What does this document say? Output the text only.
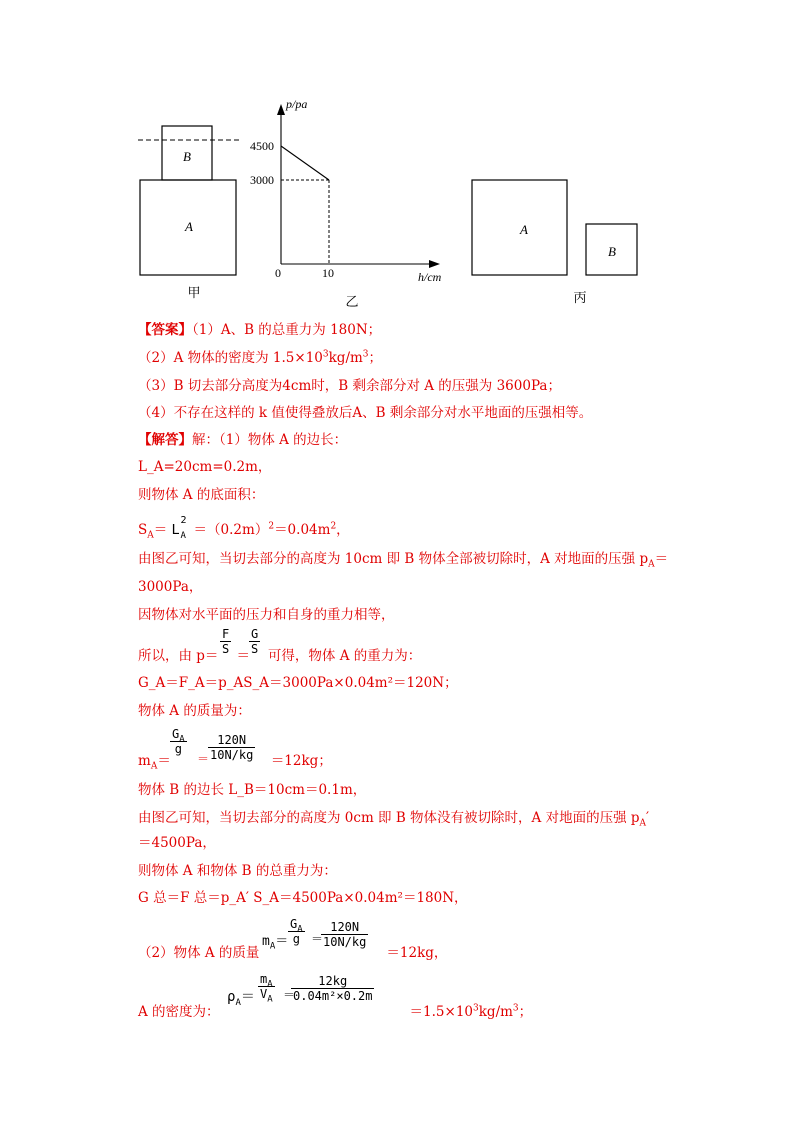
B
A
甲
p/pa
4500
3000
0	10	h/cm
乙
A
B
丙
【答案】（1）A、B 的总重力为 180N；
（2）A 物体的密度为 $1.5\times 10^3kg/m^3$；
（3）B 切去部分高度为4cm时，B 剩余部分对 A 的压强为 3600Pa；
（4）不存在这样的 k 值使得叠放后A、B 剩余部分对水平地面的压强相等。
【解答】解：（1）物体 A 的边长：
L_A=20cm=0.2m，
则物体 A 的底面积：
$S_A= L$ A
2
$=(0.2m)^2=0.04m^2$，
由图乙可知，当切去部分的高度为 10cm 即 B 物体全部被切除时，A 对地面的压强 $p_A=$
3000Pa，
因物体对水平面的压力和自身的重力相等，
所以，由 p＝ ＝ 可得，物体 A 的重力为：
$\frac{F}{S} \frac{G}{S}$
G_A＝F_A＝p_AS_A＝3000Pa×0.04m²＝120N；
物体 A 的质量为：
$m_A=$	＝12kg；
$\frac{G_A}{g}$
＝
$\frac{120N}{10N/kg}$
物体 B 的边长 L_B＝10cm＝0.1m，
由图乙可知，当切去部分的高度为 0cm 即 B 物体没有被切除时，A 对地面的压强 $p_A'$
＝4500Pa，
则物体 A 和物体 B 的总重力为：
G 总＝F 总＝p_A′ S_A＝4500Pa×0.04m²＝180N，
（2）物体 A 的质量	＝12kg，
$m_A= \frac{G_A}{g}$ ＝
$\frac{120N}{10N/kg}$
A 的密度为：	$=1.5\times 10^3kg/m^3$；
$\rho_A= \frac{m_A}{V_A}$ ＝
$\frac{12kg}{\text{0.04m²×0.2m}}$
